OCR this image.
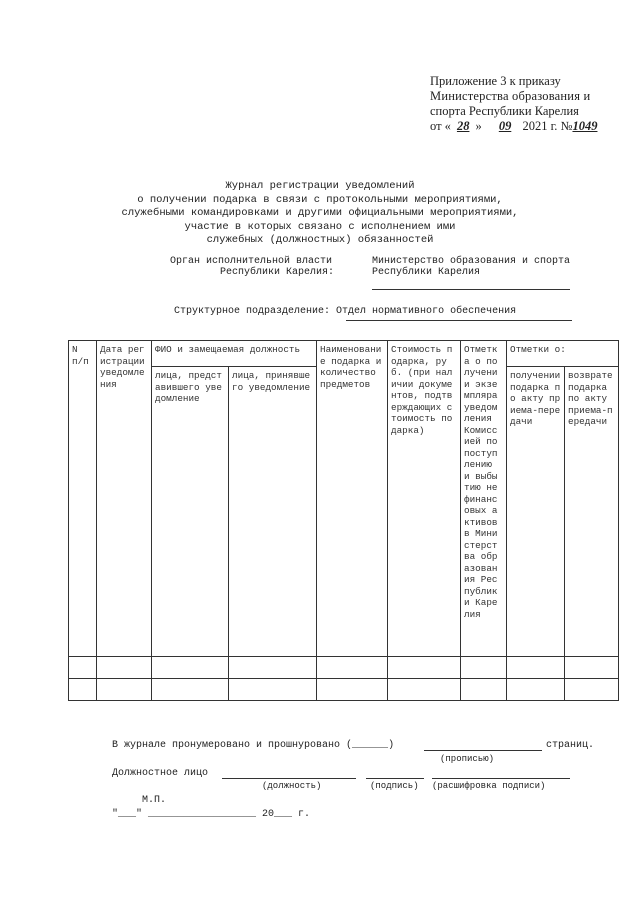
Приложение 3 к приказу
Министерства образования и
спорта Республики Карелия
от « 28 » 09 2021 г. №1049
Журнал регистрации уведомлений
о получении подарка в связи с протокольными мероприятиями,
служебными командировками и другими официальными мероприятиями,
участие в которых связано с исполнением ими
служебных (должностных) обязанностей
Орган исполнительной власти
Республики Карелия:
Министерство образования и спорта
Республики Карелия
Структурное подразделение: Отдел нормативного обеспечения
N п/п	Дата регистрации уведомления	ФИО и замещаемая должность		Наименование подарка и количество предметов	Стоимость подарка, руб. (при наличии документов, подтверждающих стоимость подарка)	Отметка о получении экземпляра уведомления Комиссией по поступлению и выбытию нефинансовых активов в Министерства образования Республики Карелия	Отметки о:	
		лица, представившего уведомление	лица, принявшего уведомление				получении подарка по акту приема-передачи	возврате подарка по акту приема-передачи

В журнале пронумеровано и прошнуровано (______)	страниц.
(прописью)
Должностное лицо
(должность)	(подпись) (расшифровка подписи)
М.П.
"___" __________________ 20___ г.
